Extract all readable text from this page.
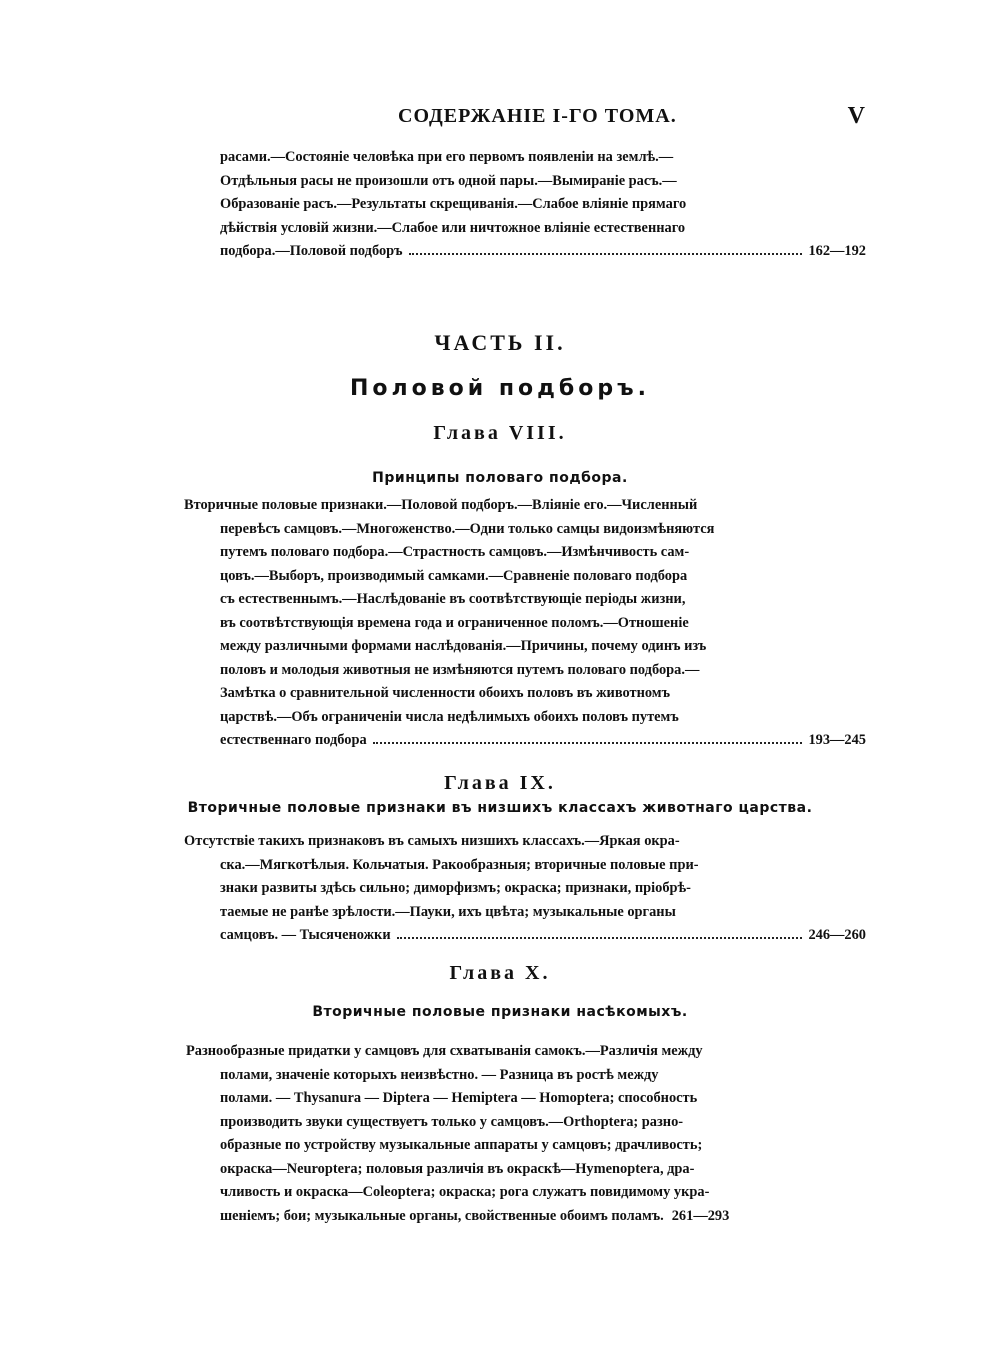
СОДЕРЖАНІЕ I-ГО ТОМА.	V
расами.—Состояніе человѣка при его первомъ появленіи на землѣ.—
Отдѣльныя расы не произошли отъ одной пары.—Вымираніе расъ.—
Образованіе расъ.—Результаты скрещиванія.—Слабое вліяніе прямаго
дѣйствія условій жизни.—Слабое или ничтожное вліяніе естественнаго
подбора.—Половой подборъ	162—192

ЧАСТЬ II.

Половой подборъ.

Глава VIII.

Принципы половаго подбора.

Вторичные половые признаки.—Половой подборъ.—Вліяніе его.—Численный
перевѣсъ самцовъ.—Многоженство.—Одни только самцы видоизмѣняются
путемъ половаго подбора.—Страстность самцовъ.—Измѣнчивость сам-
цовъ.—Выборъ, производимый самками.—Сравненіе половаго подбора
съ естественнымъ.—Наслѣдованіе въ соотвѣтствующіе періоды жизни,
въ соотвѣтствующія времена года и ограниченное поломъ.—Отношеніе
между различными формами наслѣдованія.—Причины, почему одинъ изъ
половъ и молодыя животныя не измѣняются путемъ половаго подбора.—
Замѣтка о сравнительной численности обоихъ половъ въ животномъ
царствѣ.—Объ ограниченіи числа недѣлимыхъ обоихъ половъ путемъ
естественнаго подбора	193—245

Глава IX.

Вторичные половые признаки въ низшихъ классахъ животнаго царства.

Отсутствіе такихъ признаковъ въ самыхъ низшихъ классахъ.—Яркая окра-
ска.—Мягкотѣлыя. Кольчатыя. Ракообразныя; вторичные половые при-
знаки развиты здѣсь сильно; диморфизмъ; окраска; признаки, пріобрѣ-
таемые не ранѣе зрѣлости.—Пауки, ихъ цвѣта; музыкальные органы
самцовъ. — Тысяченожки	246—260

Глава X.

Вторичные половые признаки насѣкомыхъ.

Разнообразные придатки у самцовъ для схватыванія самокъ.—Различія между
полами, значеніе которыхъ неизвѣстно. — Разница въ ростѣ между
полами. — Thysanura — Diptera — Hemiptera — Homoptera; способность
производить звуки существуетъ только у самцовъ.—Orthoptera; разно-
образные по устройству музыкальные аппараты у самцовъ; драчливость;
окраска—Neuroptera; половыя различія въ окраскѣ—Hymenoptera, дра-
чливость и окраска—Coleoptera; окраска; рога служатъ повидимому укра-
шеніемъ; бои; музыкальные органы, свойственные обоимъ поламъ. 261—293
